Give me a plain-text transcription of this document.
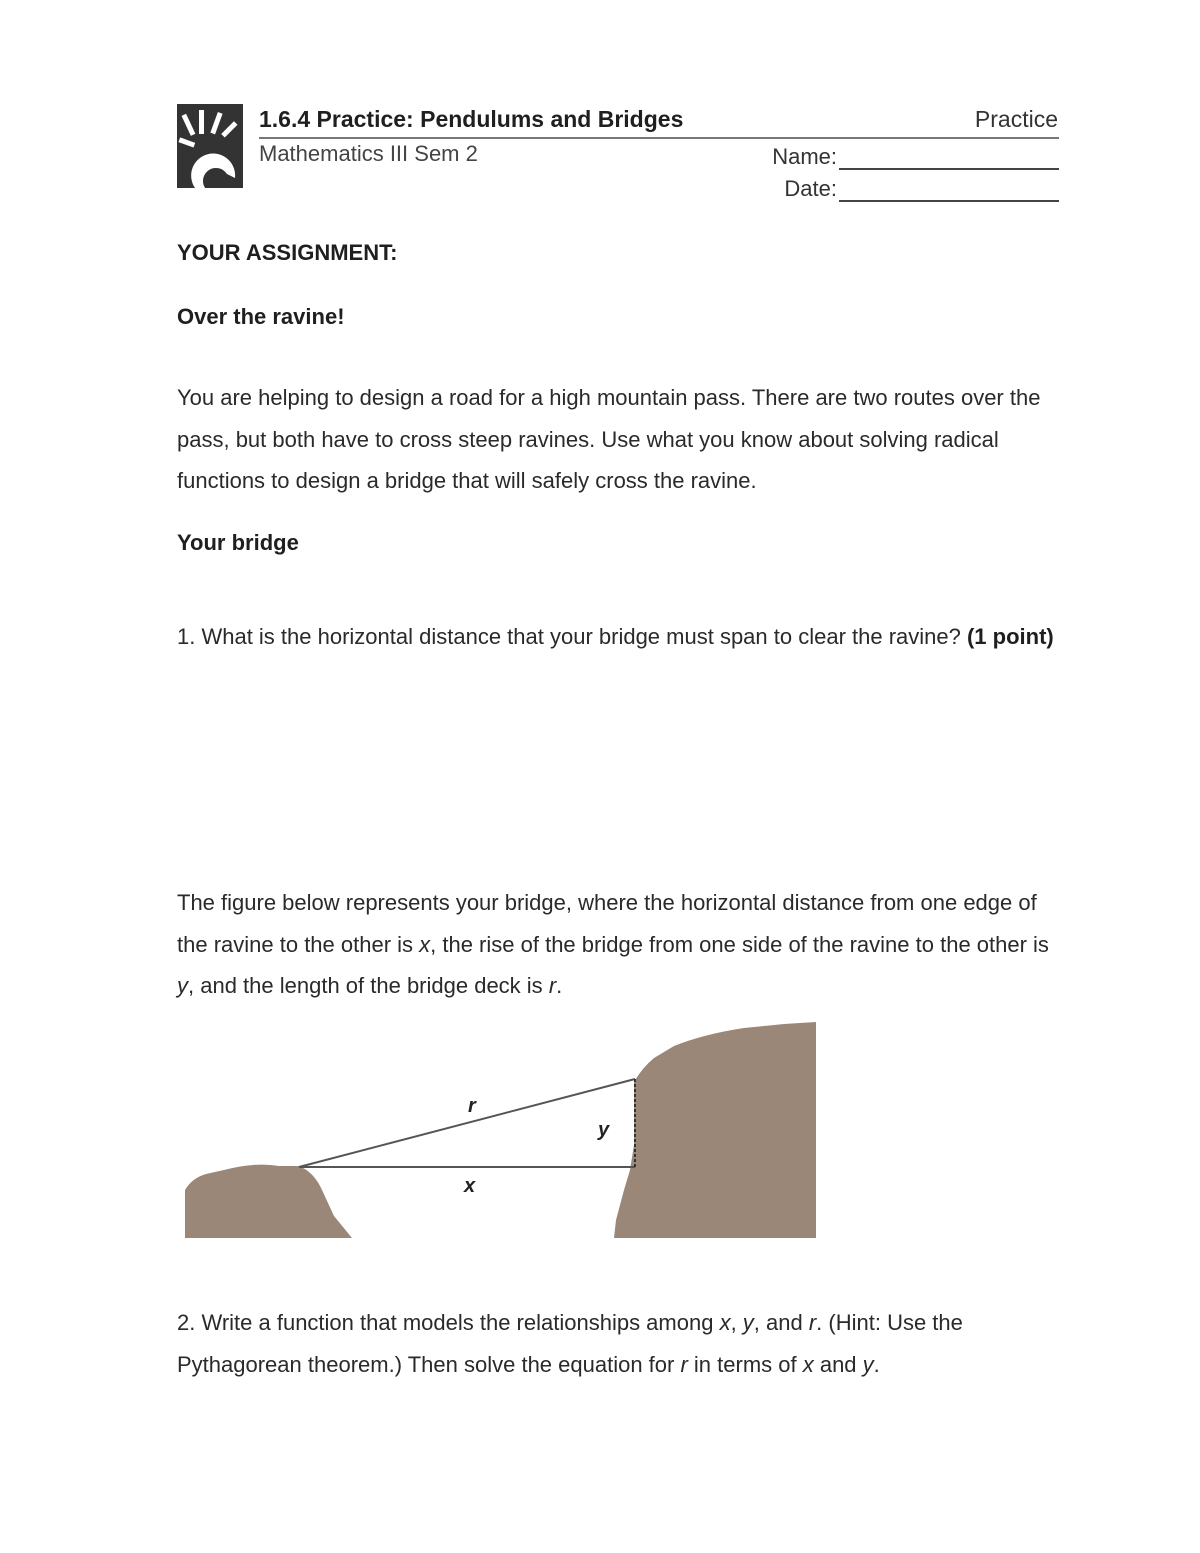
1.6.4 Practice: Pendulums and Bridges	Practice
Mathematics III Sem 2	Name:
Date:
YOUR ASSIGNMENT:
Over the ravine!
You are helping to design a road for a high mountain pass. There are two routes over the pass, but both have to cross steep ravines. Use what you know about solving radical functions to design a bridge that will safely cross the ravine.
Your bridge
1. What is the horizontal distance that your bridge must span to clear the ravine? (1 point)
The figure below represents your bridge, where the horizontal distance from one edge of the ravine to the other is x, the rise of the bridge from one side of the ravine to the other is y, and the length of the bridge deck is r.
r
y
x
2. Write a function that models the relationships among x, y, and r. (Hint: Use the Pythagorean theorem.) Then solve the equation for r in terms of x and y.
